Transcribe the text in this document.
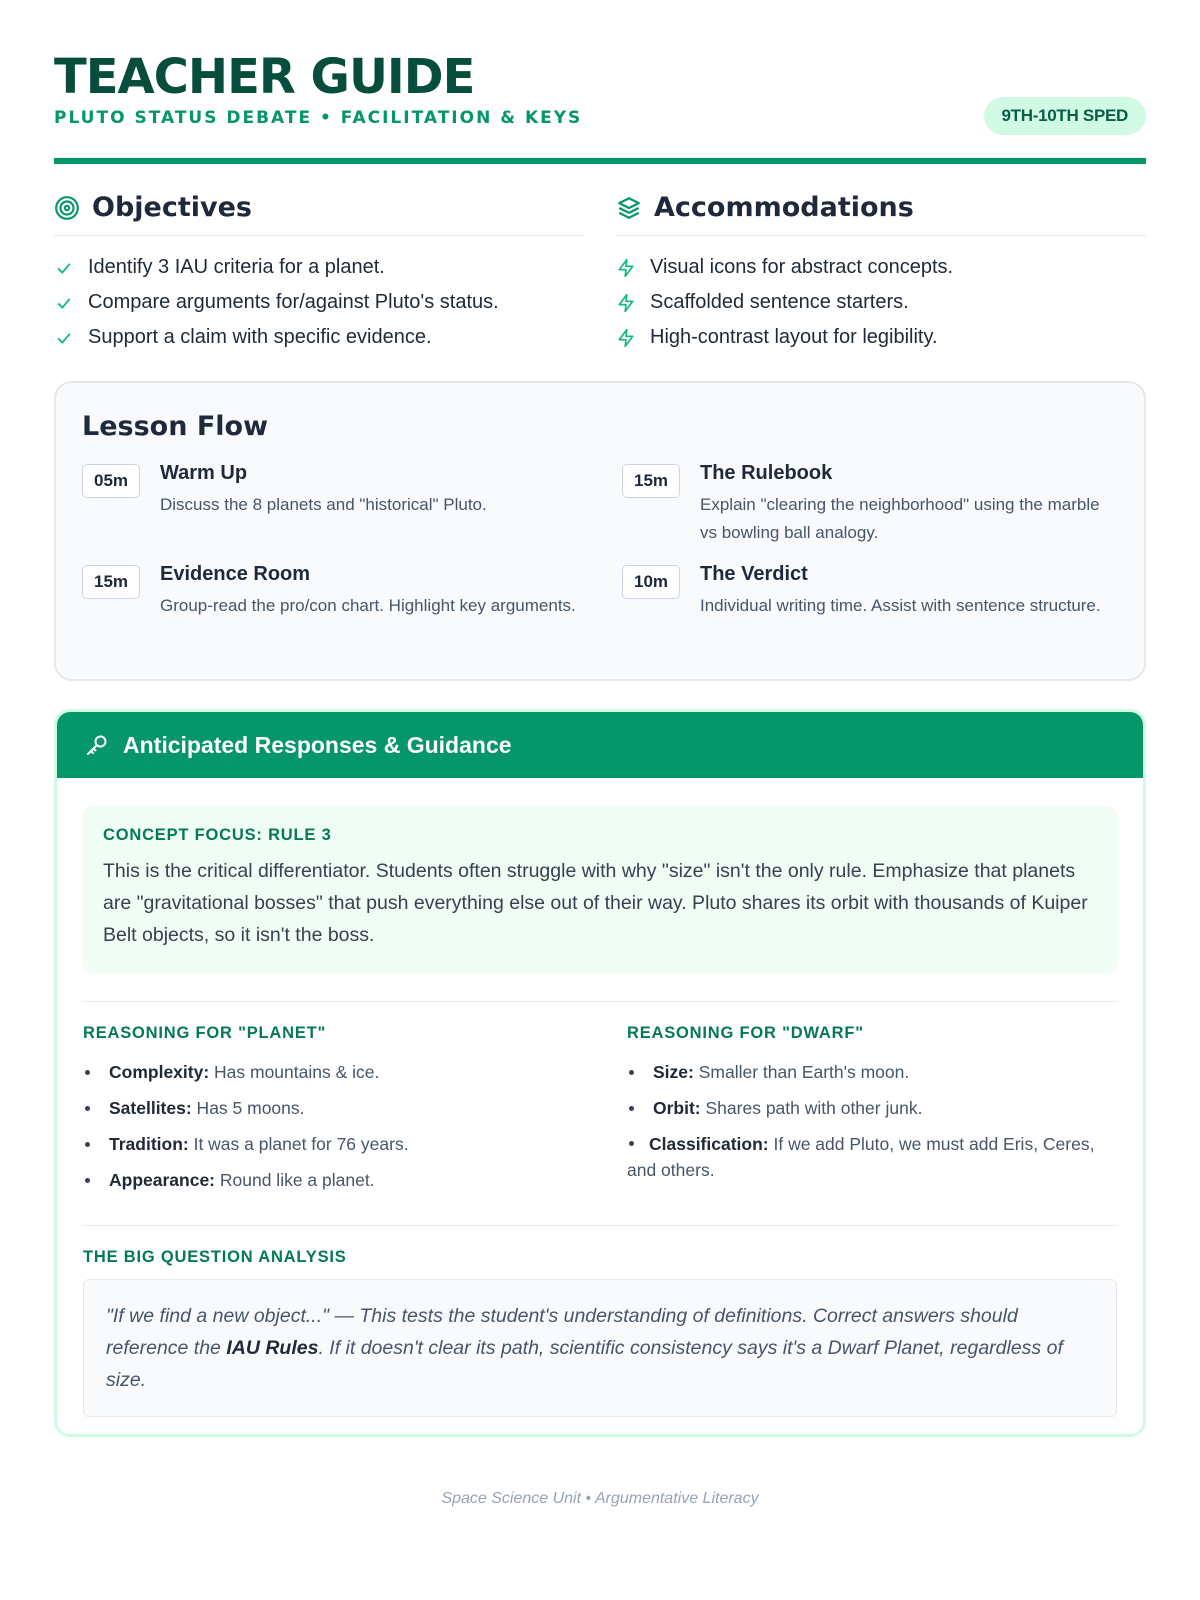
TEACHER GUIDE
PLUTO STATUS DEBATE • FACILITATION & KEYS	9TH-10TH SPED
Objectives
Identify 3 IAU criteria for a planet.
Compare arguments for/against Pluto's status.
Support a claim with specific evidence.
Accommodations
Visual icons for abstract concepts.
Scaffolded sentence starters.
High-contrast layout for legibility.
Lesson Flow
05m	Warm Up
Discuss the 8 planets and "historical" Pluto.
15m	The Rulebook
Explain "clearing the neighborhood" using the marble vs bowling ball analogy.
15m	Evidence Room
Group-read the pro/con chart. Highlight key arguments.
10m	The Verdict
Individual writing time. Assist with sentence structure.
Anticipated Responses & Guidance
CONCEPT FOCUS: RULE 3

This is the critical differentiator. Students often struggle with why "size" isn't the only rule. Emphasize that planets are "gravitational bosses" that push everything else out of their way. Pluto shares its orbit with thousands of Kuiper Belt objects, so it isn't the boss.

REASONING FOR "PLANET"
Complexity: Has mountains & ice.
Satellites: Has 5 moons.
Tradition: It was a planet for 76 years.
Appearance: Round like a planet.
REASONING FOR "DWARF"
Size: Smaller than Earth's moon.
Orbit: Shares path with other junk.
Classification: If we add Pluto, we must add Eris, Ceres, and others.
THE BIG QUESTION ANALYSIS
"If we find a new object..." — This tests the student's understanding of definitions. Correct answers should reference the IAU Rules. If it doesn't clear its path, scientific consistency says it's a Dwarf Planet, regardless of size.
Space Science Unit • Argumentative Literacy
